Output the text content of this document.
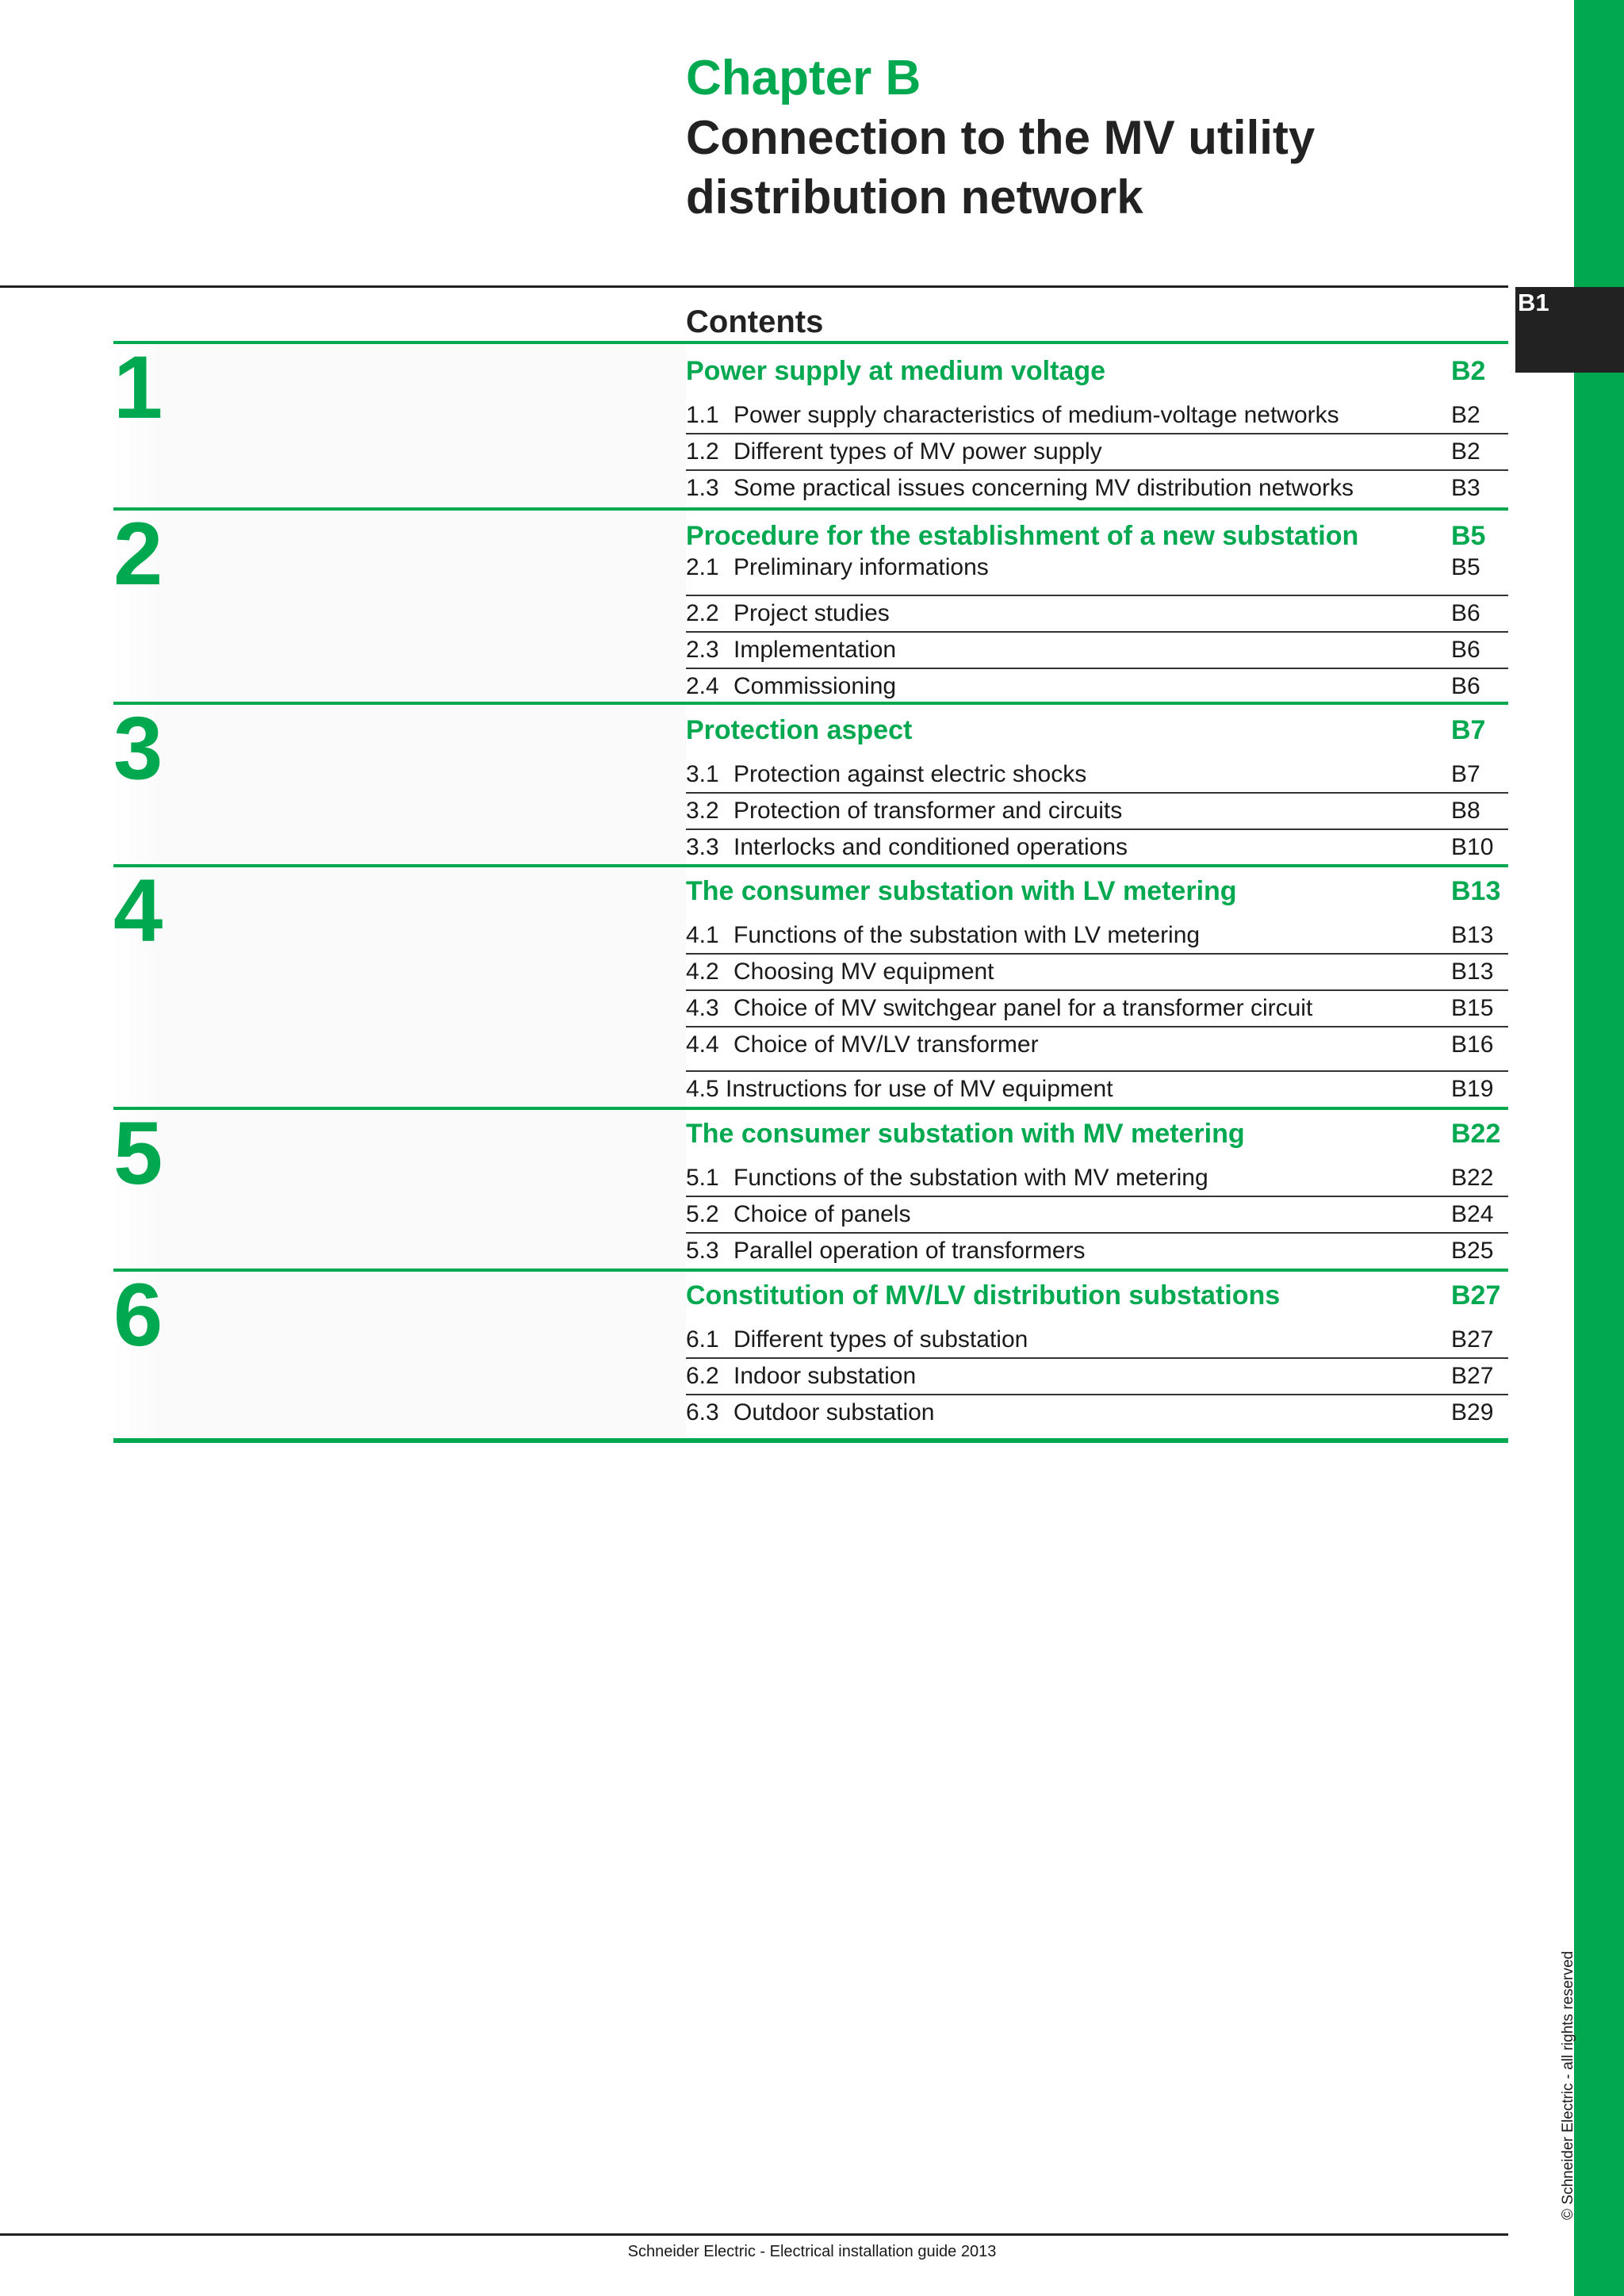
B1
© Schneider Electric - all rights reserved
Chapter B
Connection to the MV utility
distribution network
Contents
1	Power supply at medium voltage	B2
1.1 Power supply characteristics of medium-voltage networks	B2
1.2 Different types of MV power supply	B2
1.3 Some practical issues concerning MV distribution networks	B3
2	Procedure for the establishment of a new substation	B5
2.1 Preliminary informations	B5
2.2 Project studies	B6
2.3 Implementation	B6
2.4 Commissioning	B6
3	Protection aspect	B7
3.1 Protection against electric shocks	B7
3.2 Protection of transformer and circuits	B8
3.3 Interlocks and conditioned operations	B10
4	The consumer substation with LV metering	B13
4.1 Functions of the substation with LV metering	B13
4.2 Choosing MV equipment	B13
4.3 Choice of MV switchgear panel for a transformer circuit	B15
4.4 Choice of MV/LV transformer	B16
4.5 Instructions for use of MV equipment	B19
5	The consumer substation with MV metering	B22
5.1 Functions of the substation with MV metering	B22
5.2 Choice of panels	B24
5.3 Parallel operation of transformers	B25
6	Constitution of MV/LV distribution substations	B27
6.1 Different types of substation	B27
6.2 Indoor substation	B27
6.3 Outdoor substation	B29
Schneider Electric - Electrical installation guide 2013
